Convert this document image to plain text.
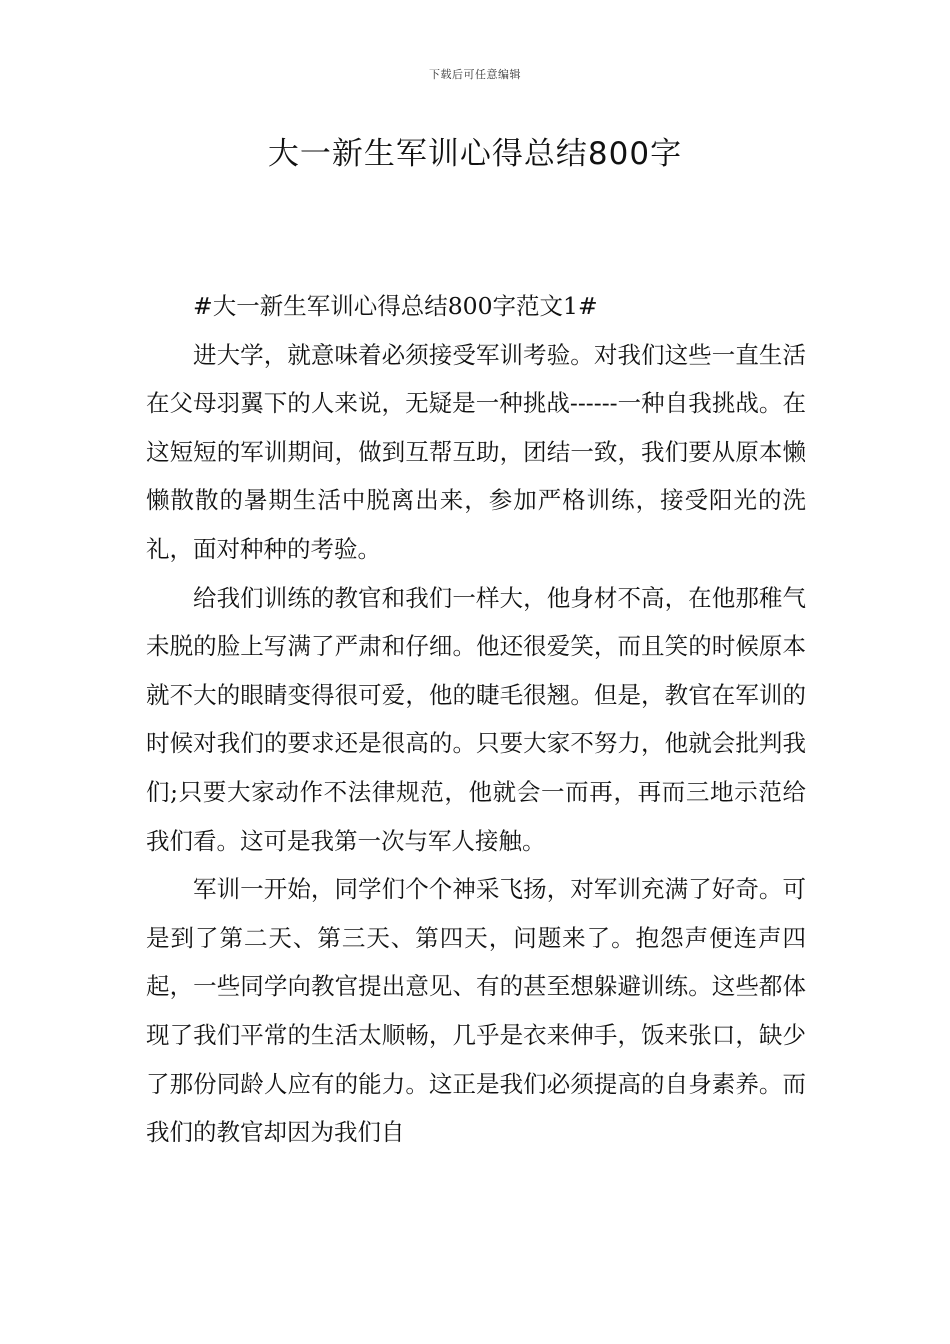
下载后可任意编辑
大一新生军训心得总结800字

#大一新生军训心得总结800字范文1#

进大学，就意味着必须接受军训考验。对我们这些一直生活在父母羽翼下的人来说，无疑是一种挑战------一种自我挑战。在这短短的军训期间，做到互帮互助，团结一致，我们要从原本懒懒散散的暑期生活中脱离出来，参加严格训练，接受阳光的洗礼，面对种种的考验。

给我们训练的教官和我们一样大，他身材不高，在他那稚气未脱的脸上写满了严肃和仔细。他还很爱笑，而且笑的时候原本就不大的眼睛变得很可爱，他的睫毛很翘。但是，教官在军训的时候对我们的要求还是很高的。只要大家不努力，他就会批判我们;只要大家动作不法律规范，他就会一而再，再而三地示范给我们看。这可是我第一次与军人接触。

军训一开始，同学们个个神采飞扬，对军训充满了好奇。可是到了第二天、第三天、第四天，问题来了。抱怨声便连声四起，一些同学向教官提出意见、有的甚至想躲避训练。这些都体现了我们平常的生活太顺畅，几乎是衣来伸手，饭来张口，缺少了那份同龄人应有的能力。这正是我们必须提高的自身素养。而我们的教官却因为我们自
